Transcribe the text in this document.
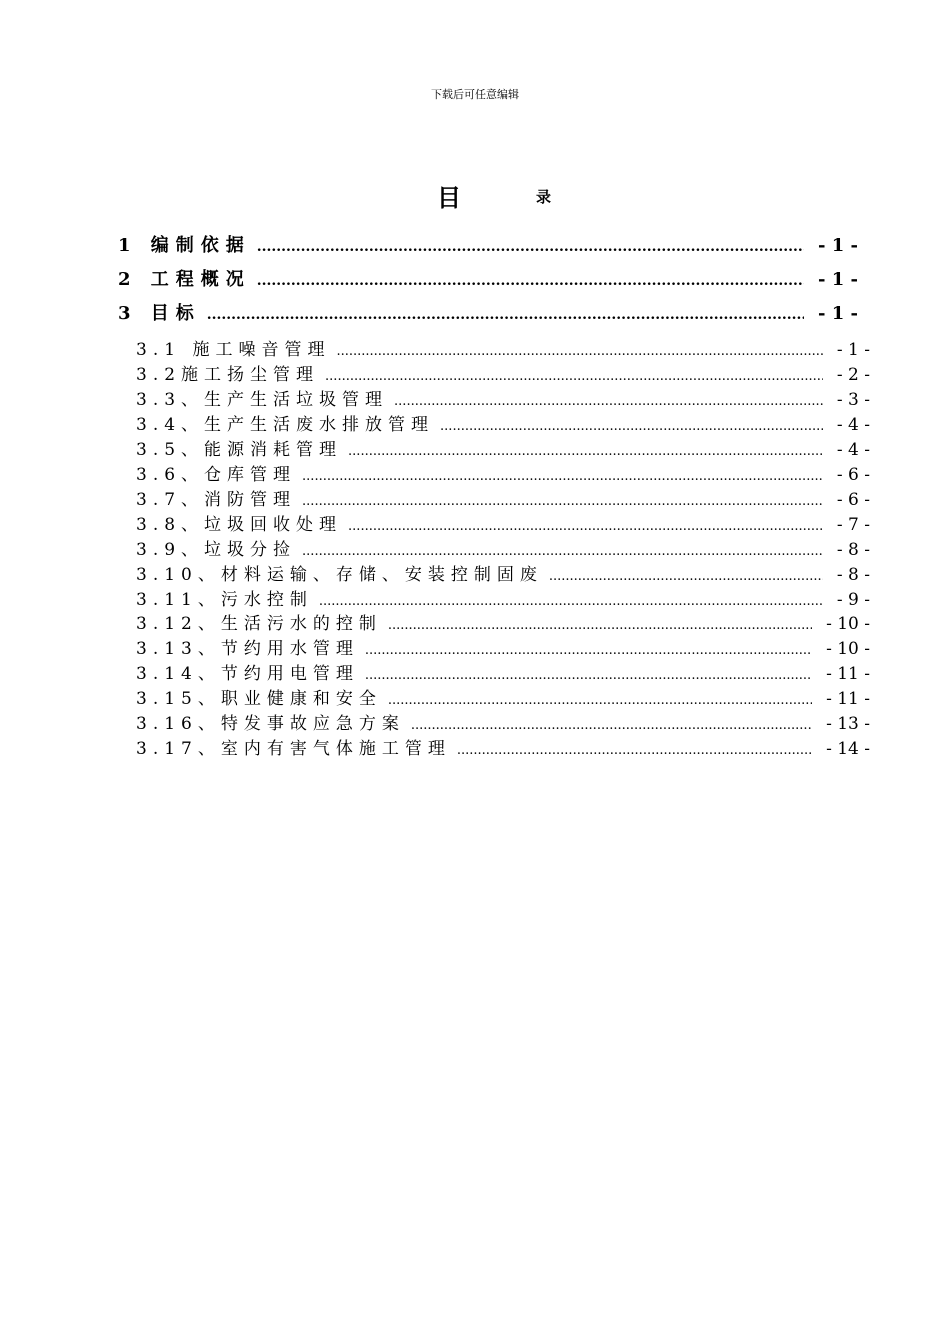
下载后可任意编辑
目	录
1 编制依据 .....	- 1 -
2 工程概况 .....	- 1 -
3 目标 .....	- 1 -
3.1 施工噪音管理 .....	- 1 -
3.2施工扬尘管理 .....	- 2 -
3.3、生产生活垃圾管理 .....	- 3 -
3.4、生产生活废水排放管理 .....	- 4 -
3.5、能源消耗管理 .....	- 4 -
3.6、仓库管理 .....	- 6 -
3.7、消防管理 .....	- 6 -
3.8、垃圾回收处理 .....	- 7 -
3.9、垃圾分捡 .....	- 8 -
3.10、材料运输、存储、安装控制固废 .....	- 8 -
3.11、污水控制 .....	- 9 -
3.12、生活污水的控制 .....	- 10 -
3.13、节约用水管理 .....	- 10 -
3.14、节约用电管理 .....	- 11 -
3.15、职业健康和安全 .....	- 11 -
3.16、特发事故应急方案 .....	- 13 -
3.17、室内有害气体施工管理 .....	- 14 -
